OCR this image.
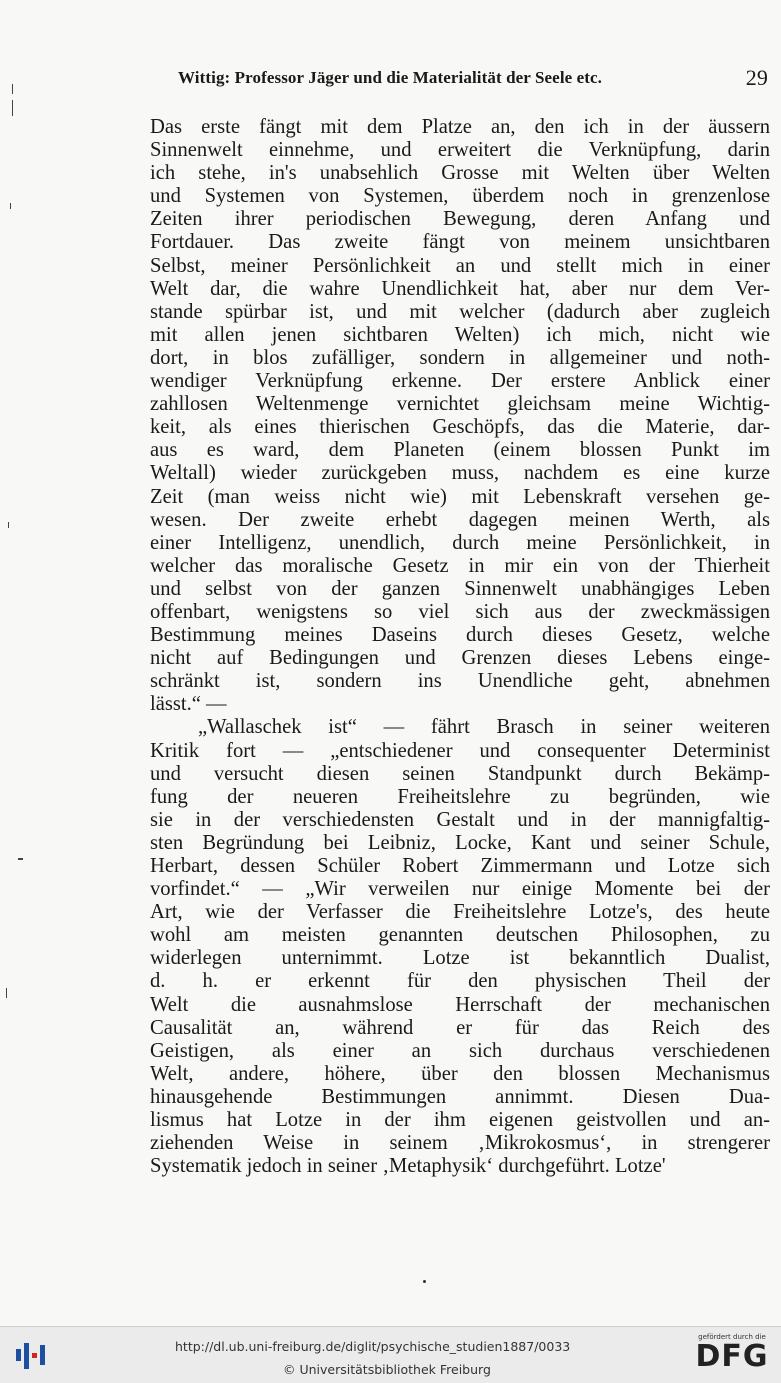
Wittig: Professor Jäger und die Materialität der Seele etc.	29
Das erste fängt mit dem Platze an, den ich in der äussern
Sinnenwelt einnehme, und erweitert die Verknüpfung, darin
ich stehe, in's unabsehlich Grosse mit Welten über Welten
und Systemen von Systemen, überdem noch in grenzenlose
Zeiten ihrer periodischen Bewegung, deren Anfang und
Fortdauer. Das zweite fängt von meinem unsichtbaren
Selbst, meiner Persönlichkeit an und stellt mich in einer
Welt dar, die wahre Unendlichkeit hat, aber nur dem Ver-
stande spürbar ist, und mit welcher (dadurch aber zugleich
mit allen jenen sichtbaren Welten) ich mich, nicht wie
dort, in blos zufälliger, sondern in allgemeiner und noth-
wendiger Verknüpfung erkenne. Der erstere Anblick einer
zahllosen Weltenmenge vernichtet gleichsam meine Wichtig-
keit, als eines thierischen Geschöpfs, das die Materie, dar-
aus es ward, dem Planeten (einem blossen Punkt im
Weltall) wieder zurückgeben muss, nachdem es eine kurze
Zeit (man weiss nicht wie) mit Lebenskraft versehen ge-
wesen. Der zweite erhebt dagegen meinen Werth, als
einer Intelligenz, unendlich, durch meine Persönlichkeit, in
welcher das moralische Gesetz in mir ein von der Thierheit
und selbst von der ganzen Sinnenwelt unabhängiges Leben
offenbart, wenigstens so viel sich aus der zweckmässigen
Bestimmung meines Daseins durch dieses Gesetz, welche
nicht auf Bedingungen und Grenzen dieses Lebens einge-
schränkt ist, sondern ins Unendliche geht, abnehmen
lässt.“ —
„Wallaschek ist“ — fährt Brasch in seiner weiteren
Kritik fort — „entschiedener und consequenter Determinist
und versucht diesen seinen Standpunkt durch Bekämp-
fung der neueren Freiheitslehre zu begründen, wie
sie in der verschiedensten Gestalt und in der mannigfaltig-
sten Begründung bei Leibniz, Locke, Kant und seiner Schule,
Herbart, dessen Schüler Robert Zimmermann und Lotze sich
vorfindet.“ — „Wir verweilen nur einige Momente bei der
Art, wie der Verfasser die Freiheitslehre Lotze's, des heute
wohl am meisten genannten deutschen Philosophen, zu
widerlegen unternimmt. Lotze ist bekanntlich Dualist,
d. h. er erkennt für den physischen Theil der
Welt die ausnahmslose Herrschaft der mechanischen
Causalität an, während er für das Reich des
Geistigen, als einer an sich durchaus verschiedenen
Welt, andere, höhere, über den blossen Mechanismus
hinausgehende Bestimmungen annimmt. Diesen Dua-
lismus hat Lotze in der ihm eigenen geistvollen und an-
ziehenden Weise in seinem ‚Mikrokosmus‘, in strengerer
Systematik jedoch in seiner ‚Metaphysik‘ durchgeführt. Lotze'
http://dl.ub.uni-freiburg.de/diglit/psychische_studien1887/0033
© Universitätsbibliothek Freiburg
gefördert durch die
DFG
